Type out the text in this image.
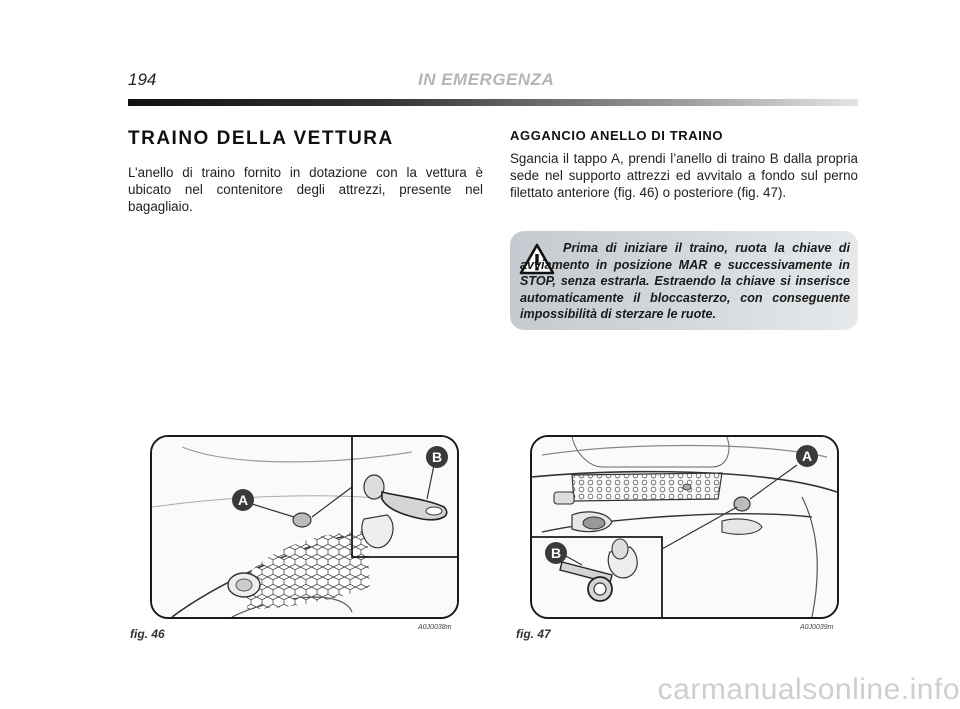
194	IN EMERGENZA
TRAINO DELLA VETTURA
L’anello di traino fornito in dotazione con la vettura è ubicato nel contenitore degli attrezzi, presente nel bagagliaio.
AGGANCIO ANELLO DI TRAINO
Sgancia il tappo A, prendi l’anello di traino B dalla propria sede nel supporto attrezzi ed avvitalo a fondo sul perno filettato anteriore (fig. 46) o posteriore (fig. 47).
Prima di iniziare il traino, ruota la chiave di avviamento in posizione MAR e successivamente in STOP, senza estrarla. Estraendo la chiave si inserisce automaticamente il bloccasterzo, con conseguente impossibilità di sterzare le ruote.
A
B
fig. 46	A0J0038m
A
B
fig. 47	A0J0039m
carmanualsonline.info
